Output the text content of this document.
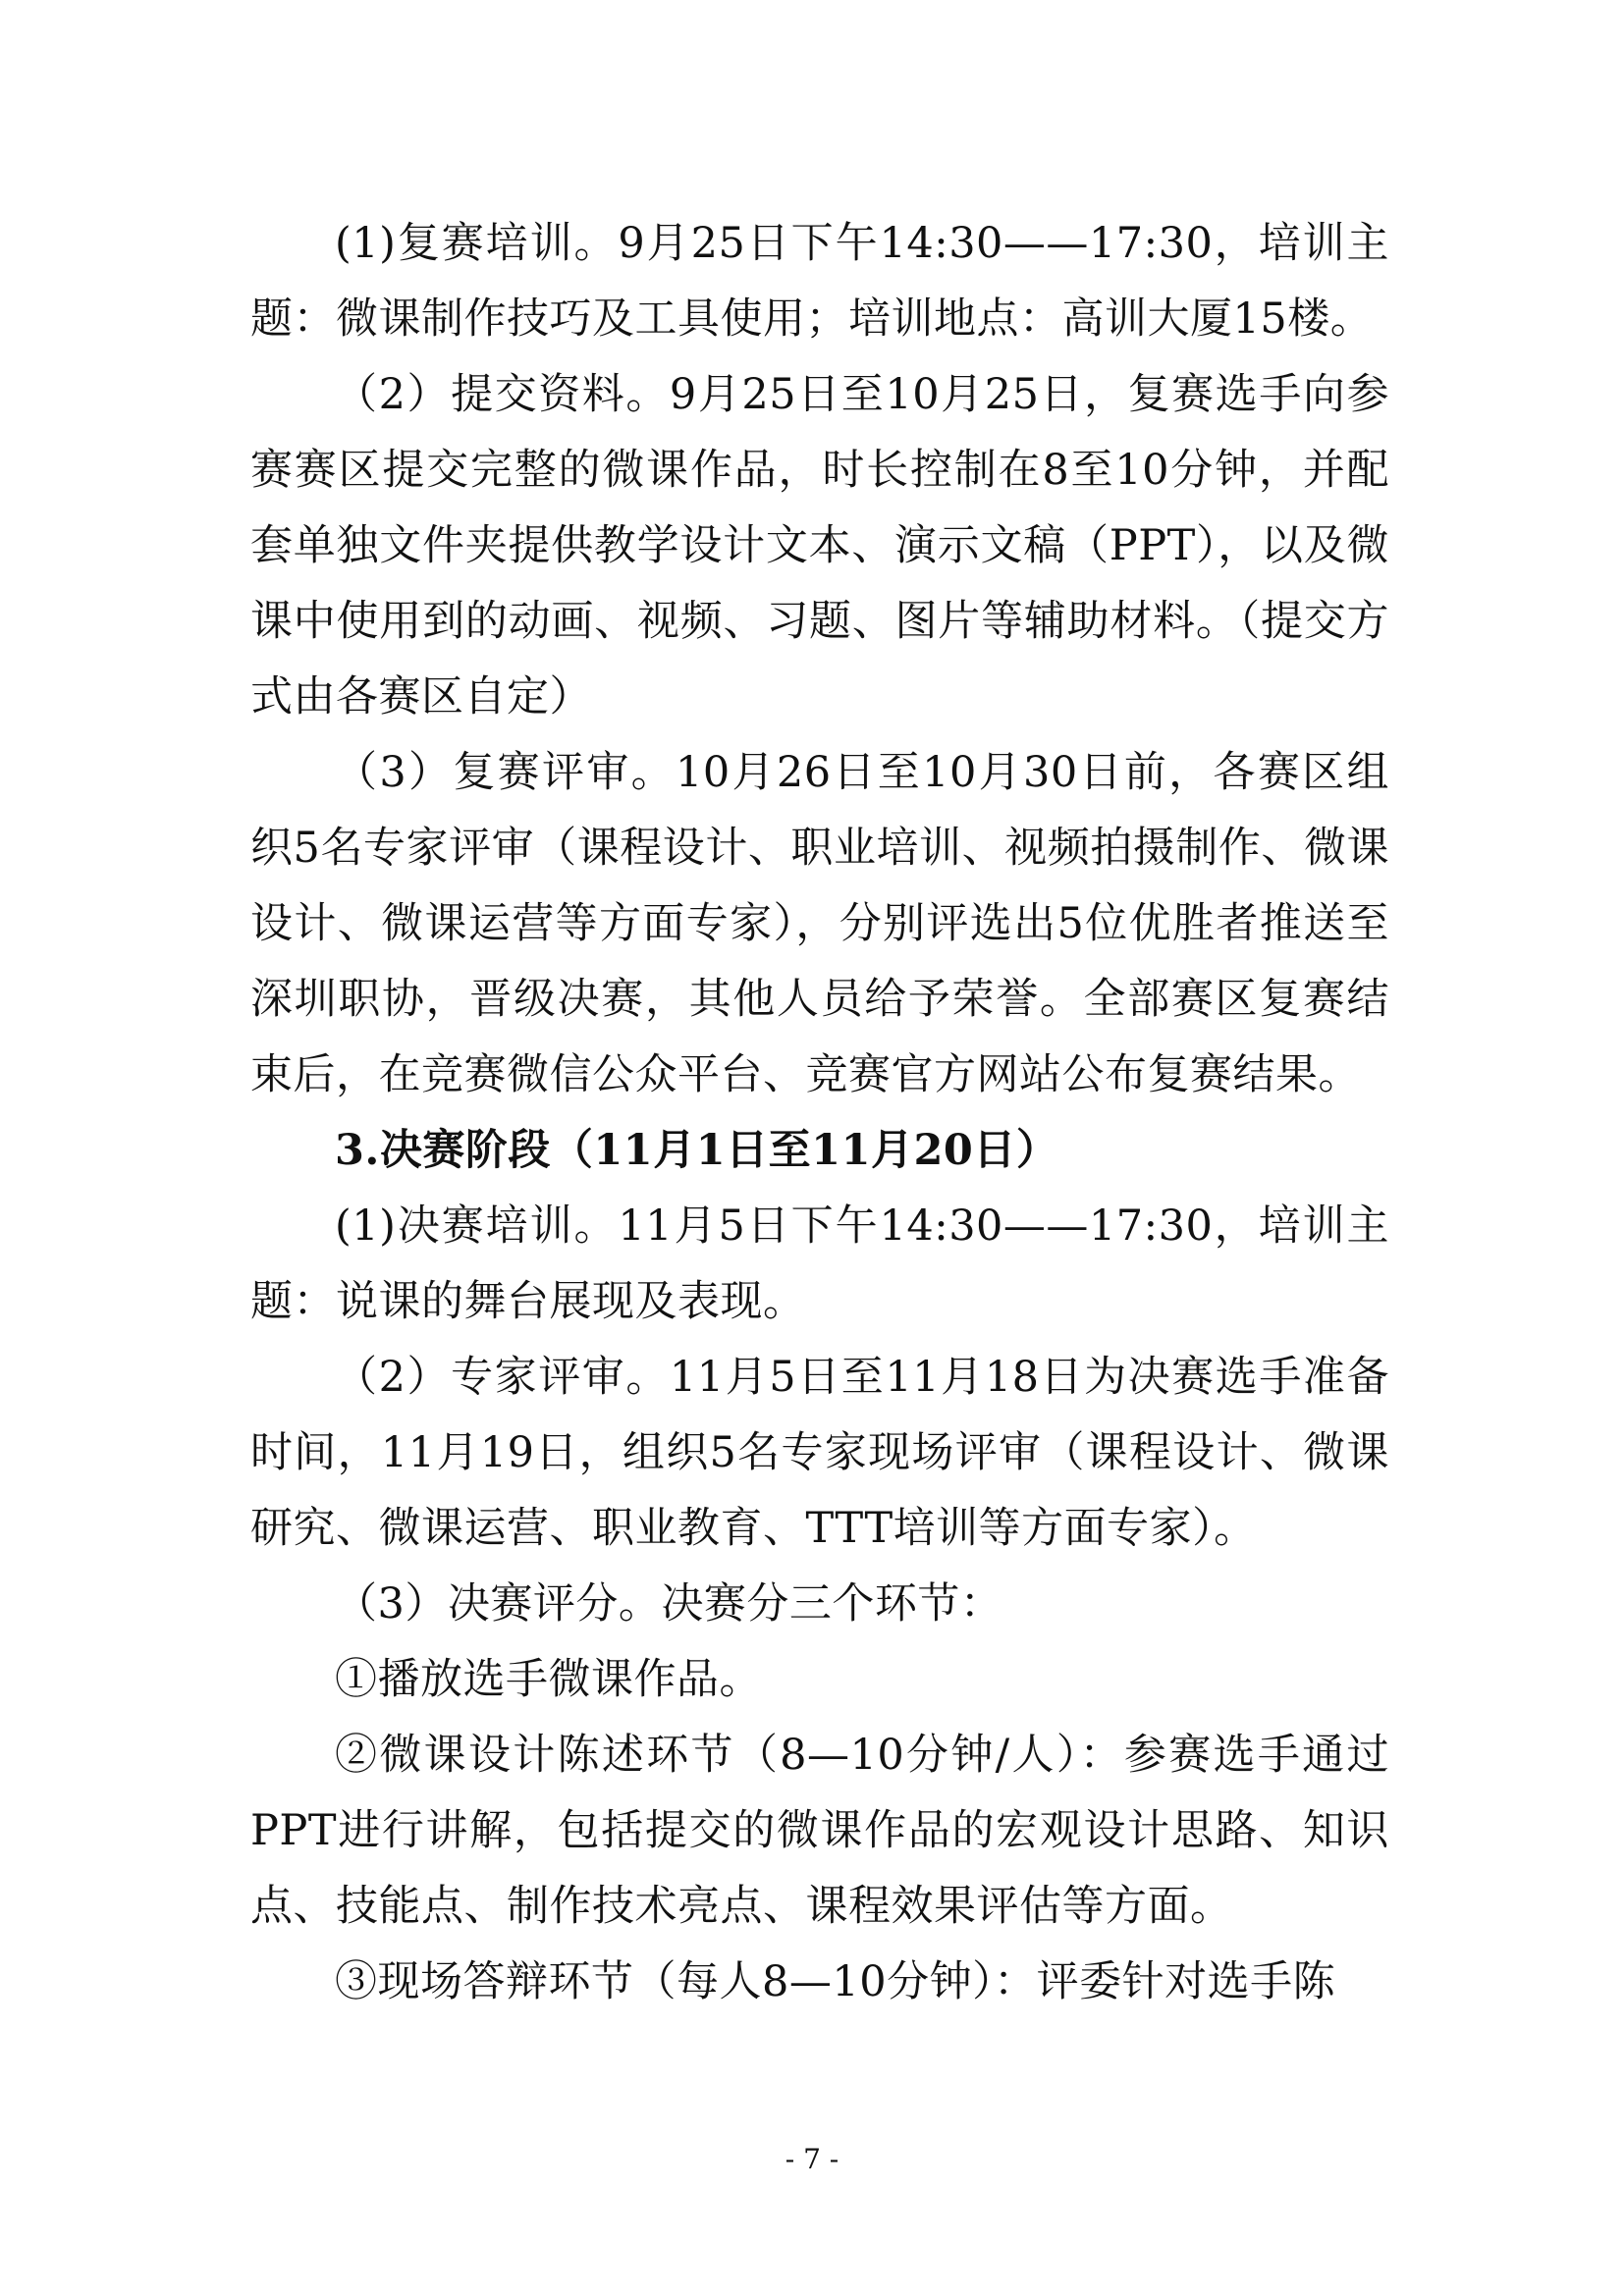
(1)复赛培训。9月25日下午14:30——17:30，培训主题：微课制作技巧及工具使用；培训地点：高训大厦15楼。

（2）提交资料。9月25日至10月25日，复赛选手向参赛赛区提交完整的微课作品，时长控制在8至10分钟，并配套单独文件夹提供教学设计文本、演示文稿（PPT），以及微课中使用到的动画、视频、习题、图片等辅助材料。（提交方式由各赛区自定）

（3）复赛评审。10月26日至10月30日前，各赛区组织5名专家评审（课程设计、职业培训、视频拍摄制作、微课设计、微课运营等方面专家），分别评选出5位优胜者推送至深圳职协，晋级决赛，其他人员给予荣誉。全部赛区复赛结束后，在竞赛微信公众平台、竞赛官方网站公布复赛结果。

3.决赛阶段（11月1日至11月20日）

(1)决赛培训。11月5日下午14:30——17:30，培训主题：说课的舞台展现及表现。

（2）专家评审。11月5日至11月18日为决赛选手准备时间，11月19日，组织5名专家现场评审（课程设计、微课研究、微课运营、职业教育、TTT培训等方面专家）。

（3）决赛评分。决赛分三个环节：

①播放选手微课作品。

②微课设计陈述环节（8—10分钟/人）：参赛选手通过PPT进行讲解，包括提交的微课作品的宏观设计思路、知识点、技能点、制作技术亮点、课程效果评估等方面。

③现场答辩环节（每人8—10分钟）：评委针对选手陈

- 7 -
